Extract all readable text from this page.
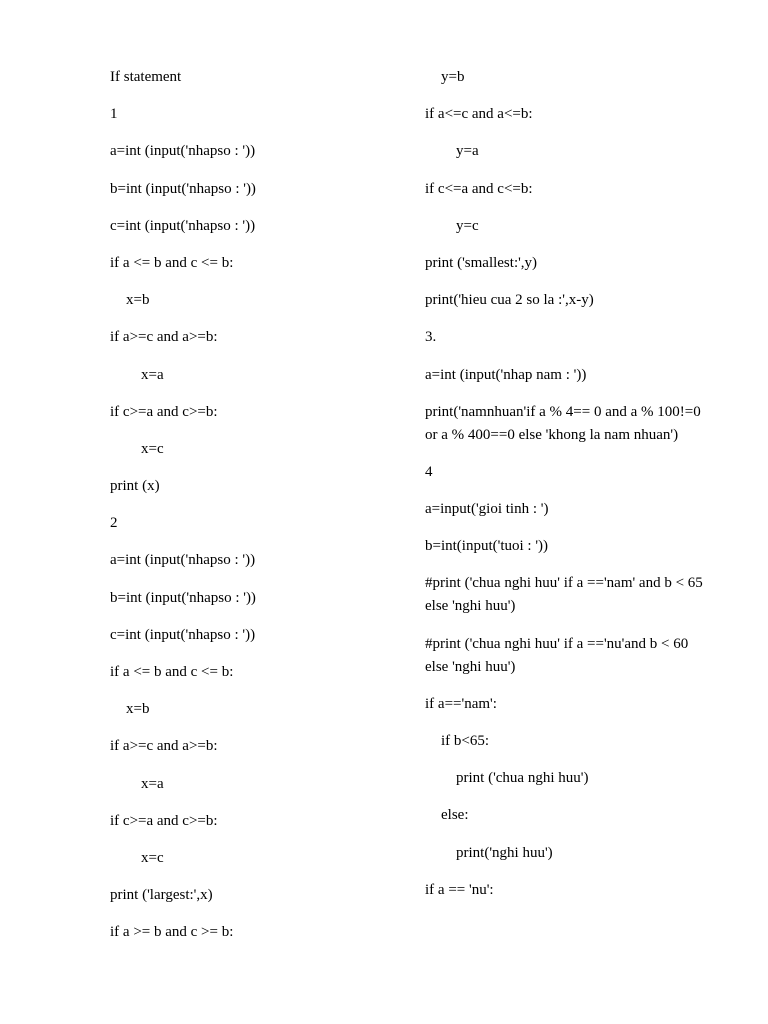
If statement
1
a=int (input('nhapso : '))
b=int (input('nhapso : '))
c=int (input('nhapso : '))
if a <= b and c <= b:
x=b
if a>=c and a>=b:
x=a
if c>=a and c>=b:
x=c
print (x)
2
a=int (input('nhapso : '))
b=int (input('nhapso : '))
c=int (input('nhapso : '))
if a <= b and c <= b:
x=b
if a>=c and a>=b:
x=a
if c>=a and c>=b:
x=c
print ('largest:',x)
if a >= b and c >= b:
y=b
if a<=c and a<=b:
y=a
if c<=a and c<=b:
y=c
print ('smallest:',y)
print('hieu cua 2 so la :',x-y)
3.
a=int (input('nhap nam : '))
print('namnhuan'if a % 4== 0 and a % 100!=0 or a % 400==0 else 'khong la nam nhuan')
4
a=input('gioi tinh : ')
b=int(input('tuoi : '))
#print ('chua nghi huu' if a =='nam' and b < 65 else 'nghi huu')
#print ('chua nghi huu' if a =='nu'and b < 60 else 'nghi huu')
if a=='nam':
if b<65:
print ('chua nghi huu')
else:
print('nghi huu')
if a == 'nu':
